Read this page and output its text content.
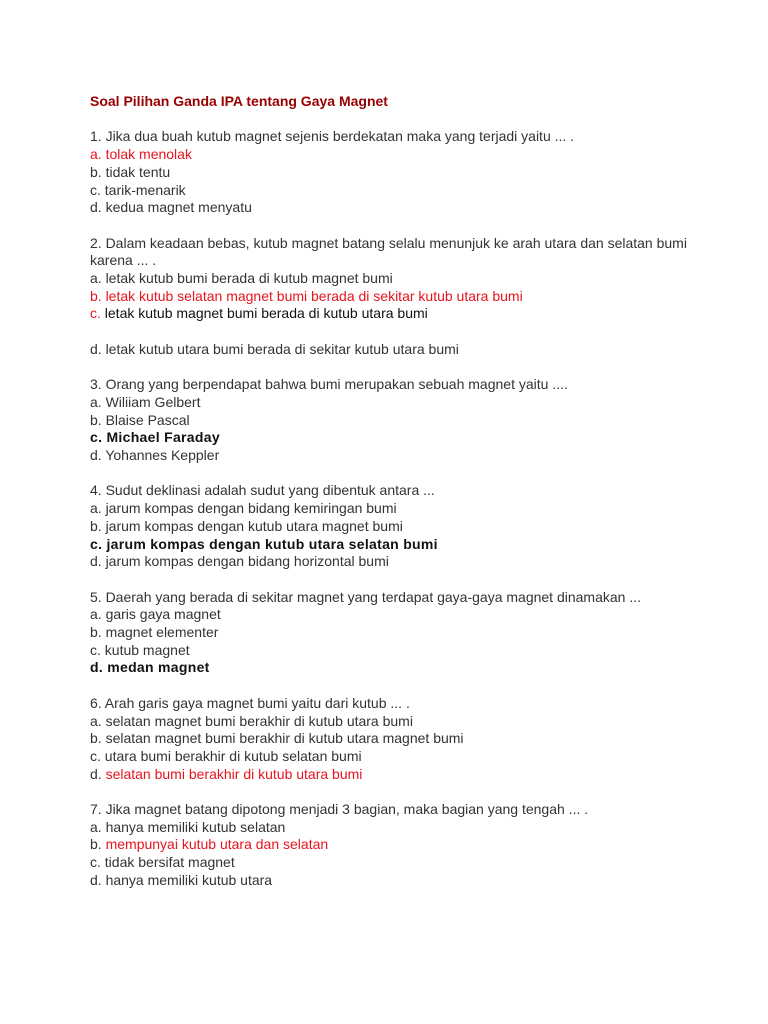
Soal Pilihan Ganda IPA tentang Gaya Magnet
1. Jika dua buah kutub magnet sejenis berdekatan maka yang terjadi yaitu ... .
a. tolak menolak
b. tidak tentu
c. tarik-menarik
d. kedua magnet menyatu
2. Dalam keadaan bebas, kutub magnet batang selalu menunjuk ke arah utara dan selatan bumi karena ... .
a. letak kutub bumi berada di kutub magnet bumi
b. letak kutub selatan magnet bumi berada di sekitar kutub utara bumi
c. letak kutub magnet bumi berada di kutub utara bumi
d. letak kutub utara bumi berada di sekitar kutub utara bumi
3. Orang yang berpendapat bahwa bumi merupakan sebuah magnet yaitu ....
a. Wiliiam Gelbert
b. Blaise Pascal
c. Michael Faraday
d. Yohannes Keppler
4. Sudut deklinasi adalah sudut yang dibentuk antara ...
a. jarum kompas dengan bidang kemiringan bumi
b. jarum kompas dengan kutub utara magnet bumi
c. jarum kompas dengan kutub utara selatan bumi
d. jarum kompas dengan bidang horizontal bumi
5. Daerah yang berada di sekitar magnet yang terdapat gaya-gaya magnet dinamakan ...
a. garis gaya magnet
b. magnet elementer
c. kutub magnet
d. medan magnet
6. Arah garis gaya magnet bumi yaitu dari kutub ... .
a. selatan magnet bumi berakhir di kutub utara bumi
b. selatan magnet bumi berakhir di kutub utara magnet bumi
c. utara bumi berakhir di kutub selatan bumi
d. selatan bumi berakhir di kutub utara bumi
7. Jika magnet batang dipotong menjadi 3 bagian, maka bagian yang tengah ... .
a. hanya memiliki kutub selatan
b. mempunyai kutub utara dan selatan
c. tidak bersifat magnet
d. hanya memiliki kutub utara
